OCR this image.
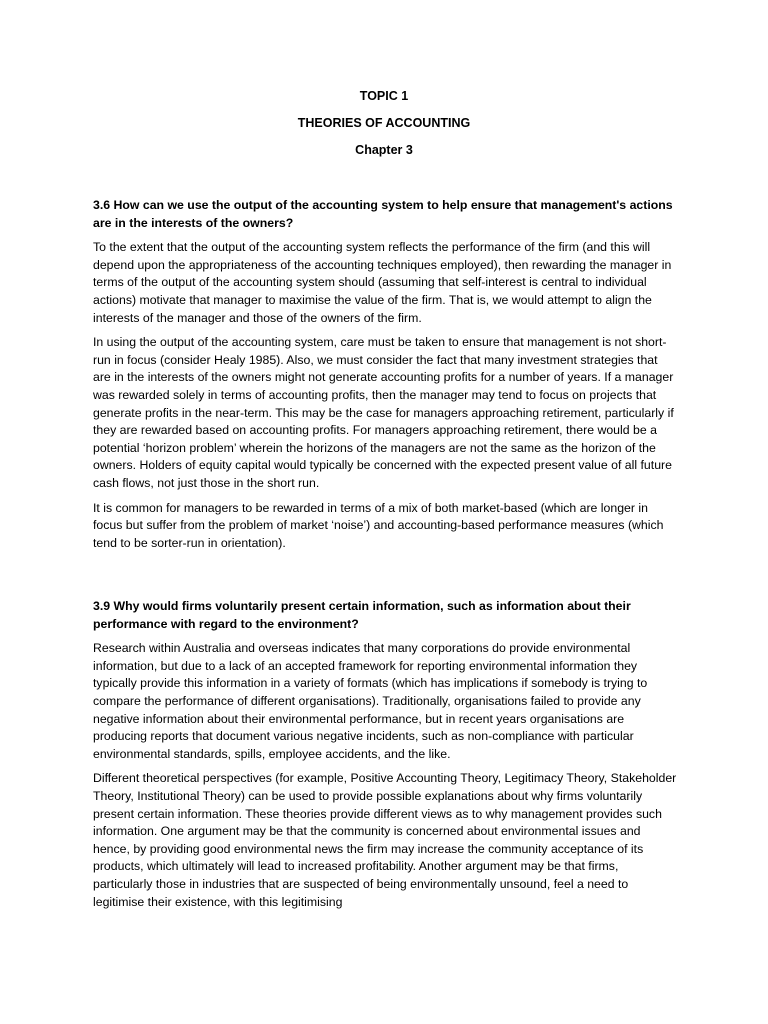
TOPIC 1
THEORIES OF ACCOUNTING
Chapter 3

3.6 How can we use the output of the accounting system to help ensure that management's actions are in the interests of the owners?

To the extent that the output of the accounting system reflects the performance of the firm (and this will depend upon the appropriateness of the accounting techniques employed), then rewarding the manager in terms of the output of the accounting system should (assuming that self-interest is central to individual actions) motivate that manager to maximise the value of the firm. That is, we would attempt to align the interests of the manager and those of the owners of the firm.

In using the output of the accounting system, care must be taken to ensure that management is not short-run in focus (consider Healy 1985). Also, we must consider the fact that many investment strategies that are in the interests of the owners might not generate accounting profits for a number of years. If a manager was rewarded solely in terms of accounting profits, then the manager may tend to focus on projects that generate profits in the near-term. This may be the case for managers approaching retirement, particularly if they are rewarded based on accounting profits. For managers approaching retirement, there would be a potential ‘horizon problem’ wherein the horizons of the managers are not the same as the horizon of the owners. Holders of equity capital would typically be concerned with the expected present value of all future cash flows, not just those in the short run.

It is common for managers to be rewarded in terms of a mix of both market-based (which are longer in focus but suffer from the problem of market ‘noise’) and accounting-based performance measures (which tend to be sorter-run in orientation).

3.9 Why would firms voluntarily present certain information, such as information about their performance with regard to the environment?

Research within Australia and overseas indicates that many corporations do provide environmental information, but due to a lack of an accepted framework for reporting environmental information they typically provide this information in a variety of formats (which has implications if somebody is trying to compare the performance of different organisations). Traditionally, organisations failed to provide any negative information about their environmental performance, but in recent years organisations are producing reports that document various negative incidents, such as non-compliance with particular environmental standards, spills, employee accidents, and the like.

Different theoretical perspectives (for example, Positive Accounting Theory, Legitimacy Theory, Stakeholder Theory, Institutional Theory) can be used to provide possible explanations about why firms voluntarily present certain information. These theories provide different views as to why management provides such information. One argument may be that the community is concerned about environmental issues and hence, by providing good environmental news the firm may increase the community acceptance of its products, which ultimately will lead to increased profitability. Another argument may be that firms, particularly those in industries that are suspected of being environmentally unsound, feel a need to legitimise their existence, with this legitimising
